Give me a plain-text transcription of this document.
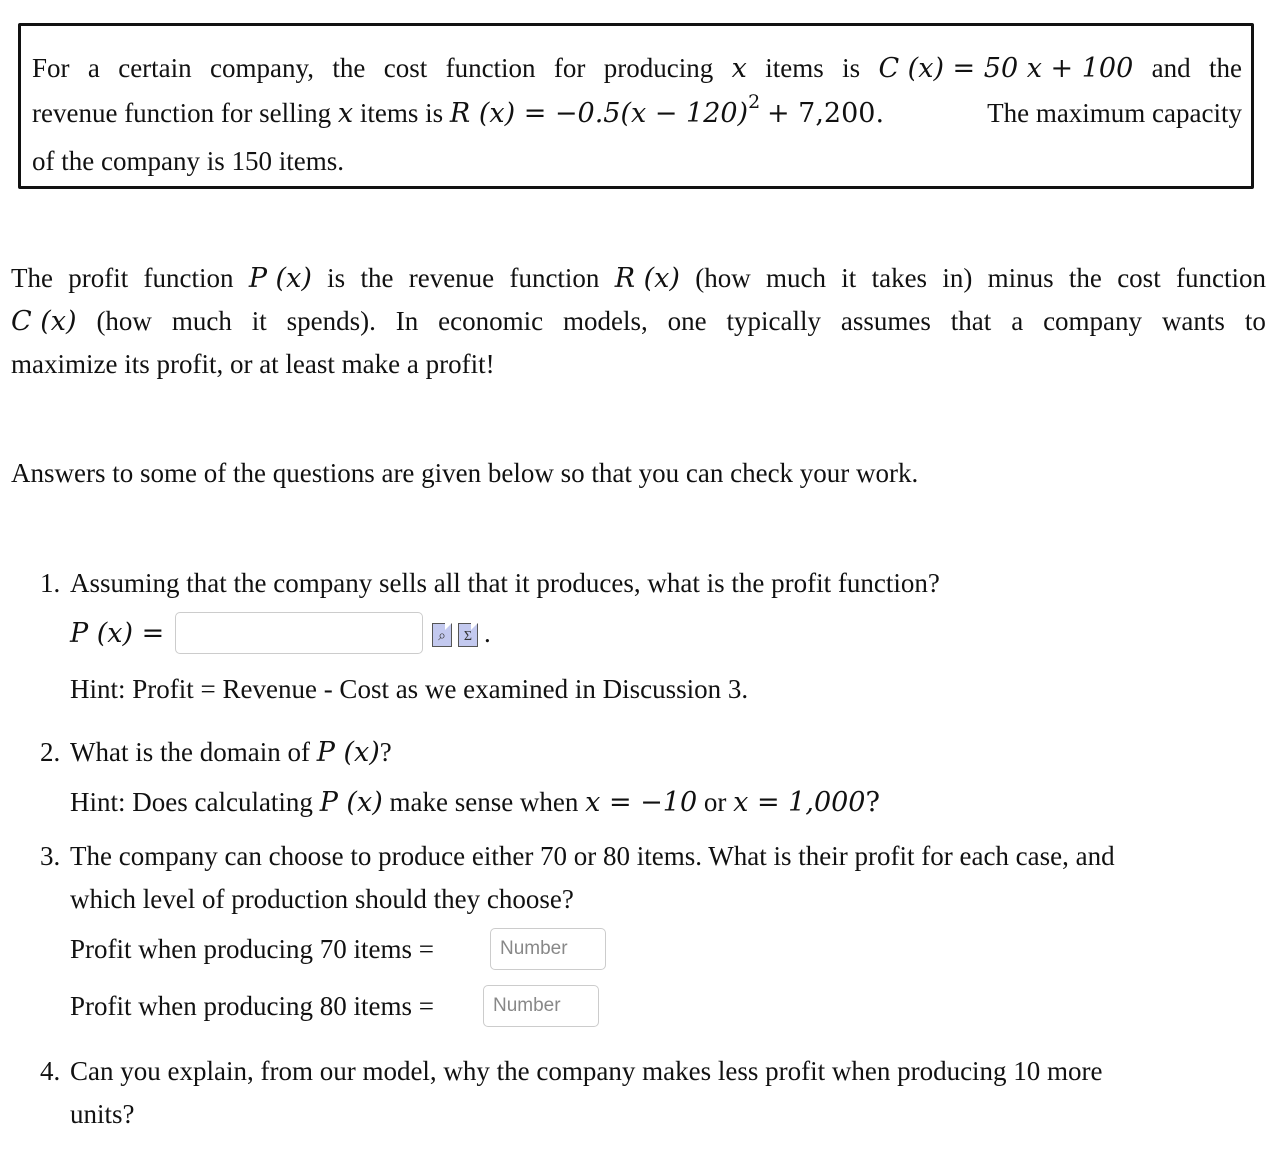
For a certain company, the cost function for producing x items is C (x) = 50 x + 100 and the
revenue function for selling x items is R $(x) = -0.5(x - 120)^2 + 7,200$.	The maximum capacity
of the company is 150 items.
The profit function P (x) is the revenue function R (x) (how much it takes in) minus the cost function
C (x) (how much it spends). In economic models, one typically assumes that a company wants to
maximize its profit, or at least make a profit!
Answers to some of the questions are given below so that you can check your work.
1. Assuming that the company sells all that it produces, what is the profit function?
P (x) =	⌕	Σ .
Hint: Profit = Revenue - Cost as we examined in Discussion 3.
2. What is the domain of P (x)?
Hint: Does calculating P (x) make sense when x = −10 or x = 1,000?
3. The company can choose to produce either 70 or 80 items. What is their profit for each case, and
which level of production should they choose?
Profit when producing 70 items =	Number
Profit when producing 80 items =	Number
4. Can you explain, from our model, why the company makes less profit when producing 10 more
units?
